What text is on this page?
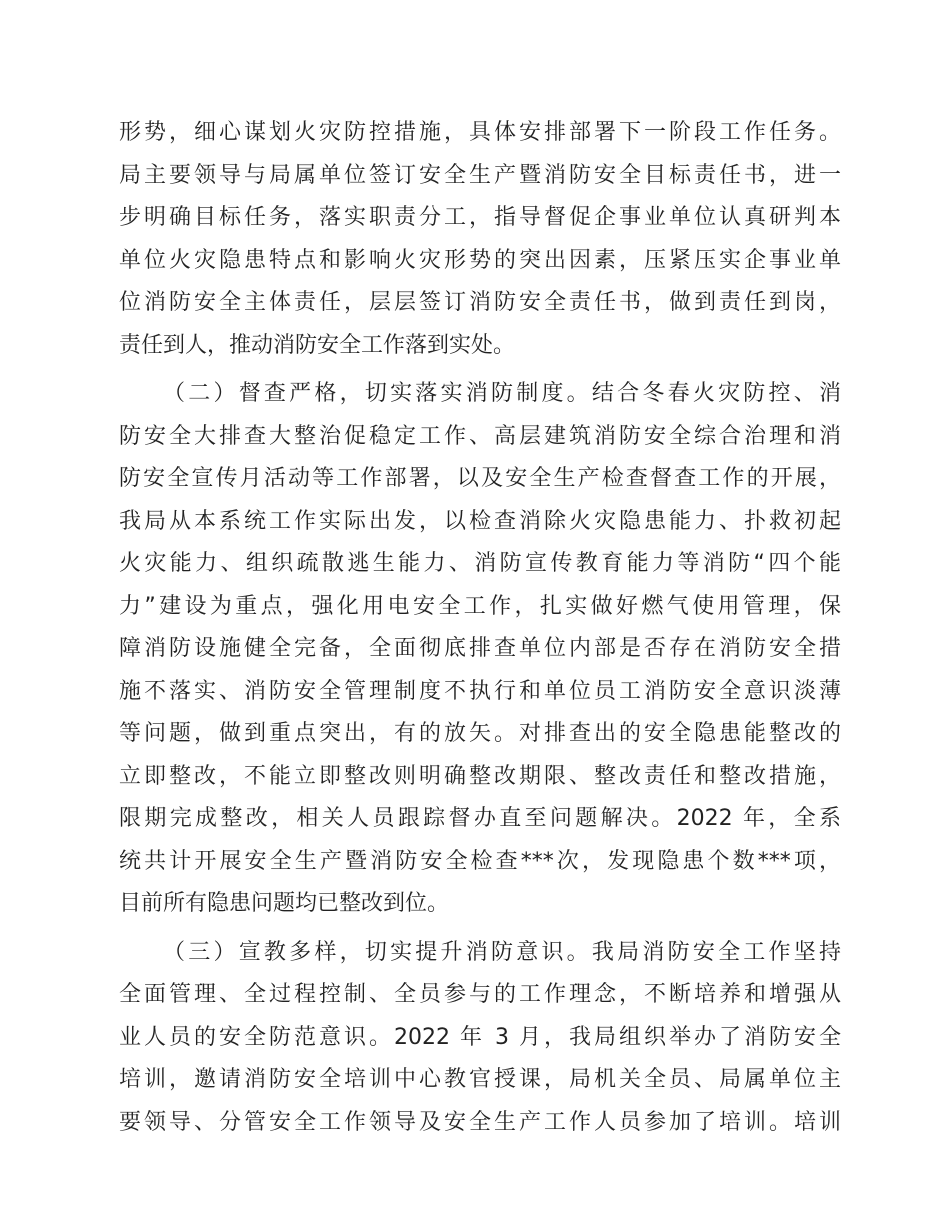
形势，细心谋划火灾防控措施，具体安排部署下一阶段工作任务。
局主要领导与局属单位签订安全生产暨消防安全目标责任书，进一
步明确目标任务，落实职责分工，指导督促企事业单位认真研判本
单位火灾隐患特点和影响火灾形势的突出因素，压紧压实企事业单
位消防安全主体责任，层层签订消防安全责任书，做到责任到岗，
责任到人，推动消防安全工作落到实处。
（二）督查严格，切实落实消防制度。结合冬春火灾防控、消
防安全大排查大整治促稳定工作、高层建筑消防安全综合治理和消
防安全宣传月活动等工作部署，以及安全生产检查督查工作的开展，
我局从本系统工作实际出发，以检查消除火灾隐患能力、扑救初起
火灾能力、组织疏散逃生能力、消防宣传教育能力等消防“四个能
力”建设为重点，强化用电安全工作，扎实做好燃气使用管理，保
障消防设施健全完备，全面彻底排查单位内部是否存在消防安全措
施不落实、消防安全管理制度不执行和单位员工消防安全意识淡薄
等问题，做到重点突出，有的放矢。对排查出的安全隐患能整改的
立即整改，不能立即整改则明确整改期限、整改责任和整改措施，
限期完成整改，相关人员跟踪督办直至问题解决。2022 年，全系
统共计开展安全生产暨消防安全检查***次，发现隐患个数***项，
目前所有隐患问题均已整改到位。
（三）宣教多样，切实提升消防意识。我局消防安全工作坚持
全面管理、全过程控制、全员参与的工作理念，不断培养和增强从
业人员的安全防范意识。2022 年 3 月，我局组织举办了消防安全
培训，邀请消防安全培训中心教官授课，局机关全员、局属单位主
要领导、分管安全工作领导及安全生产工作人员参加了培训。培训
